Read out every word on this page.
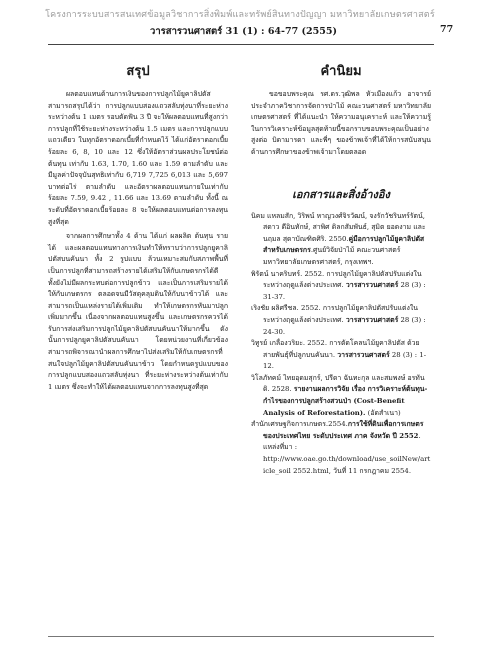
โครงการระบบสารสนเทศข้อมูลวิชาการสิ่งพิมพ์และทรัพย์สินทางปัญญา มหาวิทยาลัยเกษตรศาสตร์
วารสารวนศาสตร์ 31 (1) : 64-77 (2555)	77
สรุป

ผลตอบแทนด้านการเงินของการปลูกไม้ยูคาลิปตัสสามารถสรุปได้ว่า การปลูกแบบสองแถวสลับทุ่งนาที่ระยะห่างระหว่างต้น 1 เมตร รอบตัดฟัน 3 ปี จะให้ผลตอบแทนที่สูงกว่าการปลูกที่ใช้ระยะห่างระหว่างต้น 1.5 เมตร และการปลูกแบบแถวเดียว ในทุกอัตราดอกเบี้ยที่กำหนดไว้ ได้แก่อัตราดอกเบี้ย ร้อยละ 6, 8, 10 และ 12 ซึ่งให้อัตราส่วนผลประโยชน์ต่อต้นทุน เท่ากับ 1.63, 1.70, 1.60 และ 1.59 ตามลำดับ และมีมูลค่าปัจจุบันสุทธิเท่ากับ 6,719 7,725 6,013 และ 5,697 บาทต่อไร่ ตามลำดับ และอัตราผลตอบแทนภายในเท่ากับ ร้อยละ 7.59, 9.42 , 11.66 และ 13.69 ตามลำดับ ทั้งนี้ ณ ระดับที่อัตราดอกเบี้ยร้อยละ 8 จะให้ผลตอบแทนต่อการลงทุนสูงที่สุด

จากผลการศึกษาทั้ง 4 ด้าน ได้แก่ ผลผลิต ต้นทุน รายได้ และผลตอบแทนทางการเงินทำให้ทราบว่าการปลูกยูคาลิปตัสบนคันนา ทั้ง 2 รูปแบบ ล้วนเหมาะสมกับสภาพพื้นที่ เป็นการปลูกที่สามารถสร้างรายได้เสริมให้กับเกษตรกรได้ดี ทั้งยังไม่มีผลกระทบต่อการปลูกข้าว และเป็นการเสริมรายได้ให้กับเกษตรกร ตลอดจนมีวัสดุคลุมดินให้กับนาข้าวได้ และสามารถเป็นแหล่งรายได้เพิ่มเติม ทำให้เกษตรกรหันมาปลูกเพิ่มมากขึ้น เนื่องจากผลตอบแทนสูงขึ้น และเกษตรกรควรได้รับการส่งเสริมการปลูกไม้ยูคาลิปตัสบนคันนาให้มากขึ้น ดังนั้นการปลูกยูคาลิปตัสบนคันนา โดยหน่วยงานที่เกี่ยวข้องสามารถพิจารณานำผลการศึกษาไปส่งเสริมให้กับเกษตรกรที่สนใจปลูกไม้ยูคาลิปตัสบนคันนาข้าว โดยกำหนดรูปแบบของการปลูกแบบสองแถวสลับทุ่งนา ที่ระยะห่างระหว่างต้นเท่ากับ 1 เมตร ซึ่งจะทำให้ได้ผลตอบแทนจากการลงทุนสูงที่สุด

คำนิยม

ขอขอบพระคุณ รศ.ดร.วุฒิพล หัวเมืองแก้ว อาจารย์ประจำภาควิชาการจัดการป่าไม้ คณะวนศาสตร์ มหาวิทยาลัยเกษตรศาสตร์ ที่ได้แนะนำ ให้ความอนุเคราะห์ และให้ความรู้ในการวิเคราะห์ข้อมูลสุดท้ายนี้ขอกราบขอบพระคุณเป็นอย่างสูงต่อ บิดามารดา และพี่ๆ ของข้าพเจ้าที่ได้ให้การสนับสนุนด้านการศึกษาของข้าพเจ้ามาโดยตลอด

เอกสารและสิ่งอ้างอิง

นิคม แหลมสัก, วิริพน์ หาญวงศ์จิรวัฒน์, จงรักวัชรินทร์รัตน์, สดาว ดีอินทักษ์, สาพิศ ดิลกสัมพันธ์, สุมิต ยอดงาม และนฤมล สุดาบัณฑิตศิริ. 2550.คู่มือการปลูกไม้ยูคาลิปตัสสำหรับเกษตรกร.ศูนย์วิจัยป่าไม้ คณะวนศาสตร์ มหาวิทยาลัยเกษตรศาสตร์, กรุงเทพฯ.

พิรัตน์ นาคริบทร์. 2552. การปลูกไม้ยูคาลิปตัสปรับแต่งในระหว่างฤดูแล้งต่างประเทศ. วารสารวนศาสตร์ 28 (3) : 31-37.

เริงชัย ผลิศรีชล. 2552. การปลูกไม้ยูคาลิปตัสปรับแต่งในระหว่างฤดูแล้งต่างประเทศ. วารสารวนศาสตร์ 28 (3) : 24-30.

วิทูรย์ เกลื่องวริยะ. 2552. การตัดโคลนไม้ยูคาลิปตัส ด้วยสายพันธุ์ที่ปลูกบนคันนา. วารสารวนศาสตร์ 28 (3) : 1-12.

วิโลภัทคม์ ไทยอุดมสุกร์, ปรีดา ฉันทะกุล และสมพงษ์ อรทันดิ. 2528. รายงานผลการวิจัย เรื่อง การวิเคราะห์ต้นทุน-กำไรของการปลูกสร้างสวนป่า (Cost-Benefit Analysis of Reforestation). (อัดสำเนา)

สำนักเศรษฐกิจการเกษตร.2554.การใช้ที่ดินเพื่อการเกษตรของประเทศไทย ระดับประเทศ ภาค จังหวัด ปี 2552. แหล่งที่มา : http://www.oae.go.th/download/use_soilNew/article_soil 2552.html, วันที่ 11 กรกฎาคม 2554.
